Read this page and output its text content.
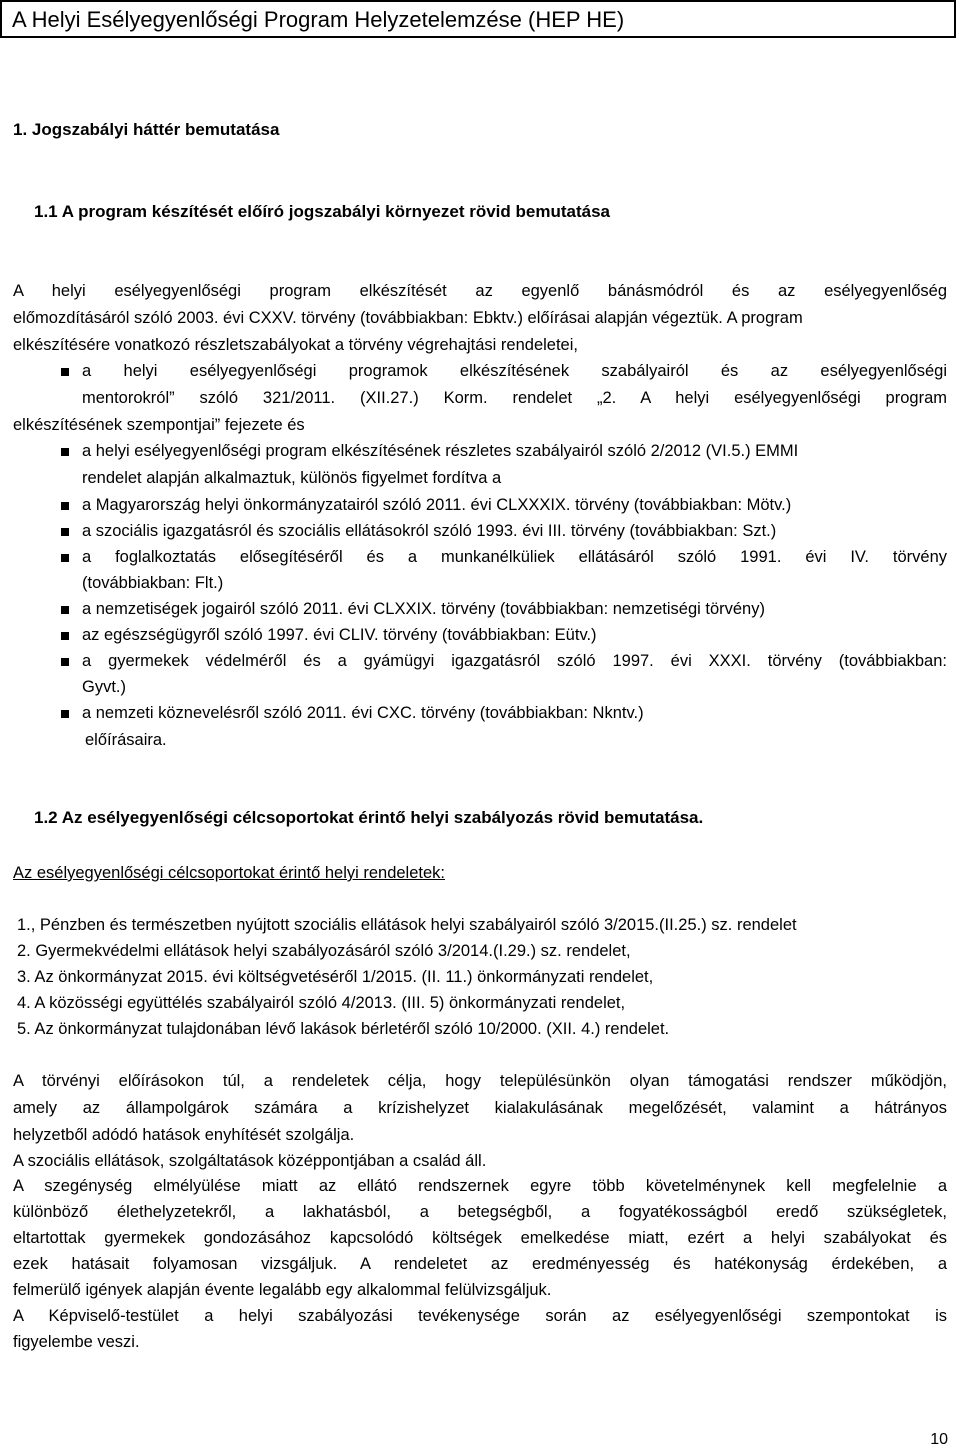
A Helyi Esélyegyenlőségi Program Helyzetelemzése (HEP HE)
1. Jogszabályi háttér bemutatása
1.1 A program készítését előíró jogszabályi környezet rövid bemutatása
A helyi esélyegyenlőségi program elkészítését az egyenlő bánásmódról és az esélyegyenlőség
előmozdításáról szóló 2003. évi CXXV. törvény (továbbiakban: Ebktv.) előírásai alapján végeztük. A program
elkészítésére vonatkozó részletszabályokat a törvény végrehajtási rendeletei,
a helyi esélyegyenlőségi programok elkészítésének szabályairól és az esélyegyenlőségi
mentorokról” szóló 321/2011. (XII.27.) Korm. rendelet „2. A helyi esélyegyenlőségi program
elkészítésének szempontjai” fejezete és
a helyi esélyegyenlőségi program elkészítésének részletes szabályairól szóló 2/2012 (VI.5.) EMMI
rendelet alapján alkalmaztuk, különös figyelmet fordítva a
a Magyarország helyi önkormányzatairól szóló 2011. évi CLXXXIX. törvény (továbbiakban: Mötv.)
a szociális igazgatásról és szociális ellátásokról szóló 1993. évi III. törvény (továbbiakban: Szt.)
a foglalkoztatás elősegítéséről és a munkanélküliek ellátásáról szóló 1991. évi IV. törvény
(továbbiakban: Flt.)
a nemzetiségek jogairól szóló 2011. évi CLXXIX. törvény (továbbiakban: nemzetiségi törvény)
az egészségügyről szóló 1997. évi CLIV. törvény (továbbiakban: Eütv.)
a gyermekek védelméről és a gyámügyi igazgatásról szóló 1997. évi XXXI. törvény (továbbiakban:
Gyvt.)
a nemzeti köznevelésről szóló 2011. évi CXC. törvény (továbbiakban: Nkntv.)
előírásaira.
1.2 Az esélyegyenlőségi célcsoportokat érintő helyi szabályozás rövid bemutatása.
Az esélyegyenlőségi célcsoportokat érintő helyi rendeletek:
1., Pénzben és természetben nyújtott szociális ellátások helyi szabályairól szóló 3/2015.(II.25.) sz. rendelet
2. Gyermekvédelmi ellátások helyi szabályozásáról szóló 3/2014.(I.29.) sz. rendelet,
3. Az önkormányzat 2015. évi költségvetéséről 1/2015. (II. 11.) önkormányzati rendelet,
4. A közösségi együttélés szabályairól szóló 4/2013. (III. 5) önkormányzati rendelet,
5. Az önkormányzat tulajdonában lévő lakások bérletéről szóló 10/2000. (XII. 4.) rendelet.
A törvényi előírásokon túl, a rendeletek célja, hogy településünkön olyan támogatási rendszer működjön,
amely az állampolgárok számára a krízishelyzet kialakulásának megelőzését, valamint a hátrányos
helyzetből adódó hatások enyhítését szolgálja.
A szociális ellátások, szolgáltatások középpontjában a család áll.
A szegénység elmélyülése miatt az ellátó rendszernek egyre több követelménynek kell megfelelnie a
különböző élethelyzetekről, a lakhatásból, a betegségből, a fogyatékosságból eredő szükségletek,
eltartottak gyermekek gondozásához kapcsolódó költségek emelkedése miatt, ezért a helyi szabályokat és
ezek hatásait folyamosan vizsgáljuk. A rendeletet az eredményesség és hatékonyság érdekében, a
felmerülő igények alapján évente legalább egy alkalommal felülvizsgáljuk.
A Képviselő-testület a helyi szabályozási tevékenysége során az esélyegyenlőségi szempontokat is
figyelembe veszi.
10
